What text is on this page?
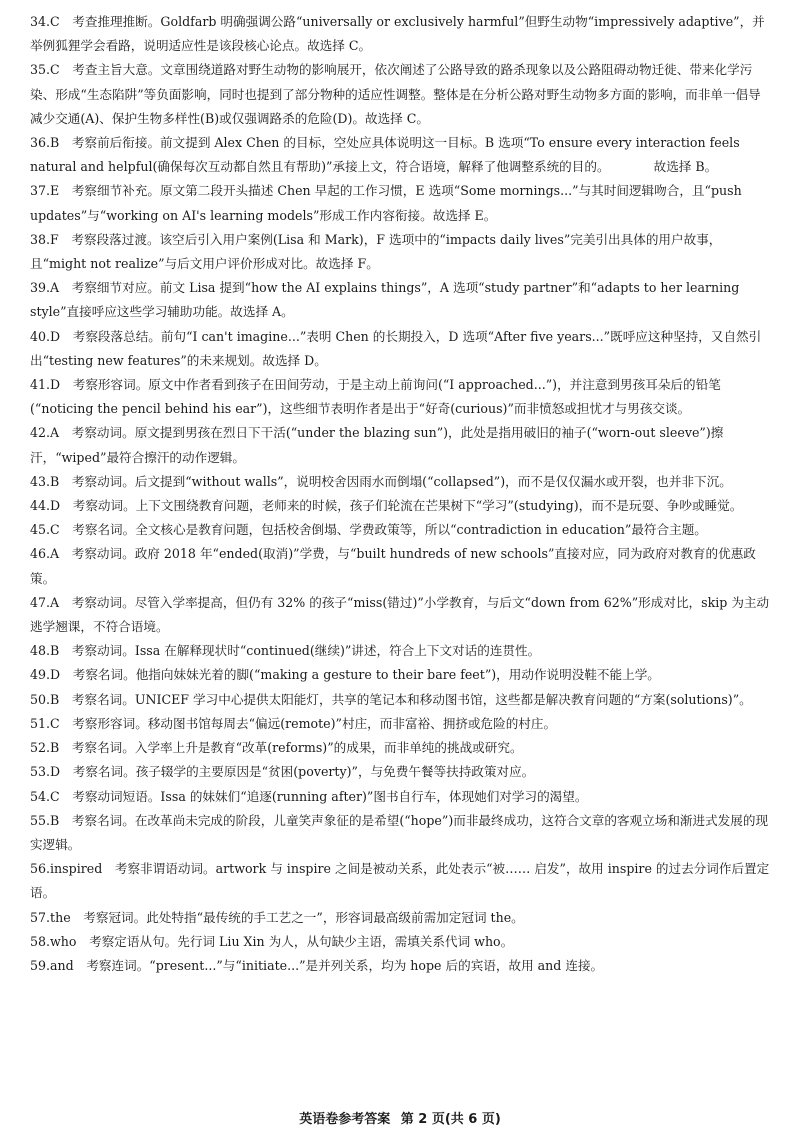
34.C  考查推理推断。Goldfarb 明确强调公路“universally or exclusively harmful”但野生动物“impressively adaptive”，并举例狐狸学会看路，说明适应性是该段核心论点。故选择 C。

35.C  考查主旨大意。文章围绕道路对野生动物的影响展开，依次阐述了公路导致的路杀现象以及公路阻碍动物迁徙、带来化学污染、形成“生态陷阱”等负面影响，同时也提到了部分物种的适应性调整。整体是在分析公路对野生动物多方面的影响，而非单一倡导减少交通(A)、保护生物多样性(B)或仅强调路杀的危险(D)。故选择 C。

36.B  考察前后衔接。前文提到 Alex Chen 的目标，空处应具体说明这一目标。B 选项“To ensure every interaction feels natural and helpful(确保每次互动都自然且有帮助)”承接上文，符合语境，解释了他调整系统的目的。　　　　故选择 B。

37.E  考察细节补充。原文第二段开头描述 Chen 早起的工作习惯，E 选项“Some mornings...”与其时间逻辑吻合，且“push updates”与“working on AI's learning models”形成工作内容衔接。故选择 E。

38.F  考察段落过渡。该空后引入用户案例(Lisa 和 Mark)，F 选项中的“impacts daily lives”完美引出具体的用户故事，且“might not realize”与后文用户评价形成对比。故选择 F。

39.A  考察细节对应。前文 Lisa 提到“how the AI explains things”，A 选项“study partner”和“adapts to her learning style”直接呼应这些学习辅助功能。故选择 A。

40.D  考察段落总结。前句“I can't imagine...”表明 Chen 的长期投入，D 选项“After five years...”既呼应这种坚持，又自然引出“testing new features”的未来规划。故选择 D。

41.D  考察形容词。原文中作者看到孩子在田间劳动，于是主动上前询问(“I approached...”)，并注意到男孩耳朵后的铅笔(“noticing the pencil behind his ear”)，这些细节表明作者是出于“好奇(curious)”而非愤怒或担忧才与男孩交谈。

42.A  考察动词。原文提到男孩在烈日下干活(“under the blazing sun”)，此处是指用破旧的袖子(“worn-out sleeve”)擦汗，“wiped”最符合擦汗的动作逻辑。

43.B  考察动词。后文提到“without walls”，说明校舍因雨水而倒塌(“collapsed”)，而不是仅仅漏水或开裂，也并非下沉。

44.D  考察动词。上下文围绕教育问题，老师来的时候，孩子们轮流在芒果树下“学习”(studying)，而不是玩耍、争吵或睡觉。

45.C  考察名词。全文核心是教育问题，包括校舍倒塌、学费政策等，所以“contradiction in education”最符合主题。

46.A  考察动词。政府 2018 年“ended(取消)”学费，与“built hundreds of new schools”直接对应，同为政府对教育的优惠政策。

47.A  考察动词。尽管入学率提高，但仍有 32% 的孩子“miss(错过)”小学教育，与后文“down from 62%”形成对比，skip 为主动逃学翘课，不符合语境。

48.B  考察动词。Issa 在解释现状时“continued(继续)”讲述，符合上下文对话的连贯性。

49.D  考察名词。他指向妹妹光着的脚(“making a gesture to their bare feet”)，用动作说明没鞋不能上学。

50.B  考察名词。UNICEF 学习中心提供太阳能灯，共享的笔记本和移动图书馆，这些都是解决教育问题的“方案(solutions)”。

51.C  考察形容词。移动图书馆每周去“偏远(remote)”村庄，而非富裕、拥挤或危险的村庄。

52.B  考察名词。入学率上升是教育“改革(reforms)”的成果，而非单纯的挑战或研究。

53.D  考察名词。孩子辍学的主要原因是“贫困(poverty)”，与免费午餐等扶持政策对应。

54.C  考察动词短语。Issa 的妹妹们“追逐(running after)”图书自行车，体现她们对学习的渴望。

55.B  考察名词。在改革尚未完成的阶段，儿童笑声象征的是希望(“hope”)而非最终成功，这符合文章的客观立场和渐进式发展的现实逻辑。

56.inspired  考察非谓语动词。artwork 与 inspire 之间是被动关系，此处表示“被…… 启发”，故用 inspire 的过去分词作后置定语。

57.the  考察冠词。此处特指“最传统的手工艺之一”，形容词最高级前需加定冠词 the。

58.who  考察定语从句。先行词 Liu Xin 为人，从句缺少主语，需填关系代词 who。

59.and  考察连词。“present...”与“initiate...”是并列关系，均为 hope 后的宾语，故用 and 连接。

英语卷参考答案 第 2 页(共 6 页)
